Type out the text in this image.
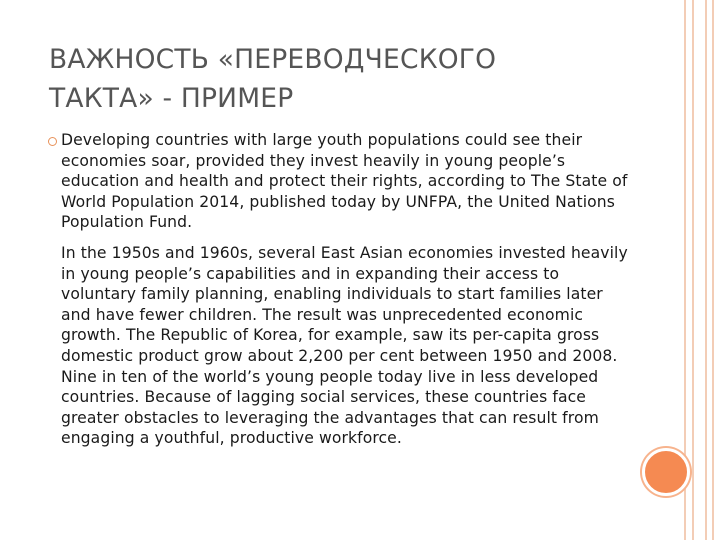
ВАЖНОСТЬ «ПЕРЕВОДЧЕСКОГО
ТАКТА» - ПРИМЕР

Developing countries with large youth populations could see their economies soar, provided they invest heavily in young people’s education and health and protect their rights, according to The State of World Population 2014, published today by UNFPA, the United Nations Population Fund.

In the 1950s and 1960s, several East Asian economies invested heavily in young people’s capabilities and in expanding their access to voluntary family planning, enabling individuals to start families later and have fewer children. The result was unprecedented economic growth. The Republic of Korea, for example, saw its per-capita gross domestic product grow about 2,200 per cent between 1950 and 2008. Nine in ten of the world’s young people today live in less developed countries. Because of lagging social services, these countries face greater obstacles to leveraging the advantages that can result from engaging a youthful, productive workforce.
